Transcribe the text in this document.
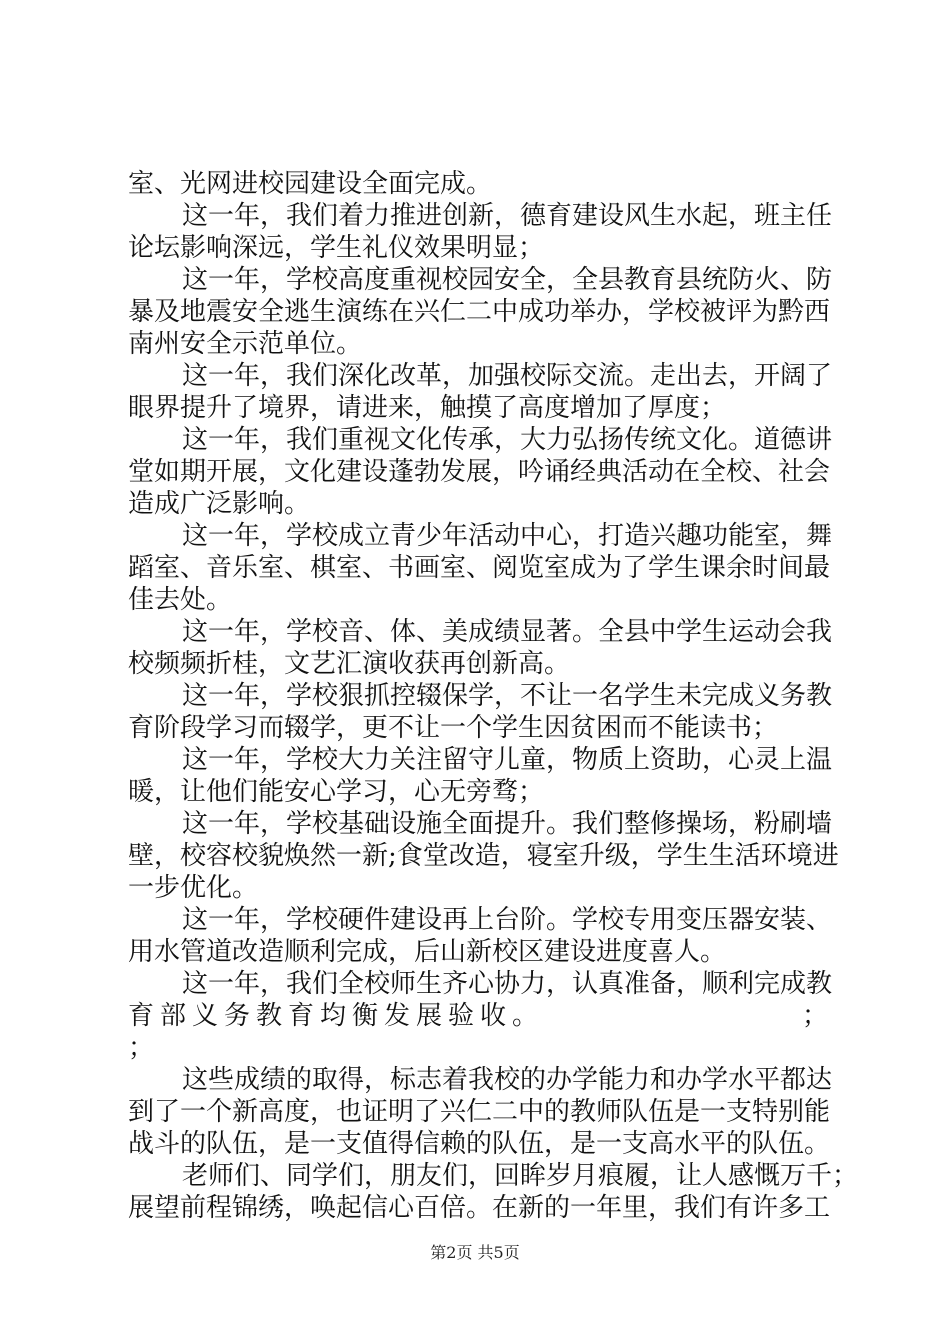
室、光网进校园建设全面完成。
这一年，我们着力推进创新，德育建设风生水起，班主任
论坛影响深远，学生礼仪效果明显；
这一年，学校高度重视校园安全，全县教育县统防火、防
暴及地震安全逃生演练在兴仁二中成功举办，学校被评为黔西
南州安全示范单位。
这一年，我们深化改革，加强校际交流。走出去，开阔了
眼界提升了境界，请进来，触摸了高度增加了厚度；
这一年，我们重视文化传承，大力弘扬传统文化。道德讲
堂如期开展，文化建设蓬勃发展，吟诵经典活动在全校、社会
造成广泛影响。
这一年，学校成立青少年活动中心，打造兴趣功能室，舞
蹈室、音乐室、棋室、书画室、阅览室成为了学生课余时间最
佳去处。
这一年，学校音、体、美成绩显著。全县中学生运动会我
校频频折桂，文艺汇演收获再创新高。
这一年，学校狠抓控辍保学，不让一名学生未完成义务教
育阶段学习而辍学，更不让一个学生因贫困而不能读书；
这一年，学校大力关注留守儿童，物质上资助，心灵上温
暖，让他们能安心学习，心无旁骛；
这一年，学校基础设施全面提升。我们整修操场，粉刷墙
壁，校容校貌焕然一新;食堂改造，寝室升级，学生生活环境进
一步优化。
这一年，学校硬件建设再上台阶。学校专用变压器安装、
用水管道改造顺利完成，后山新校区建设进度喜人。
这一年，我们全校师生齐心协力，认真准备，顺利完成教
育部义务教育均衡发展验收。	；
；
这些成绩的取得，标志着我校的办学能力和办学水平都达
到了一个新高度，也证明了兴仁二中的教师队伍是一支特别能
战斗的队伍，是一支值得信赖的队伍，是一支高水平的队伍。
老师们、同学们，朋友们，回眸岁月痕履，让人感慨万千；
展望前程锦绣，唤起信心百倍。在新的一年里，我们有许多工
第2页 共5页
